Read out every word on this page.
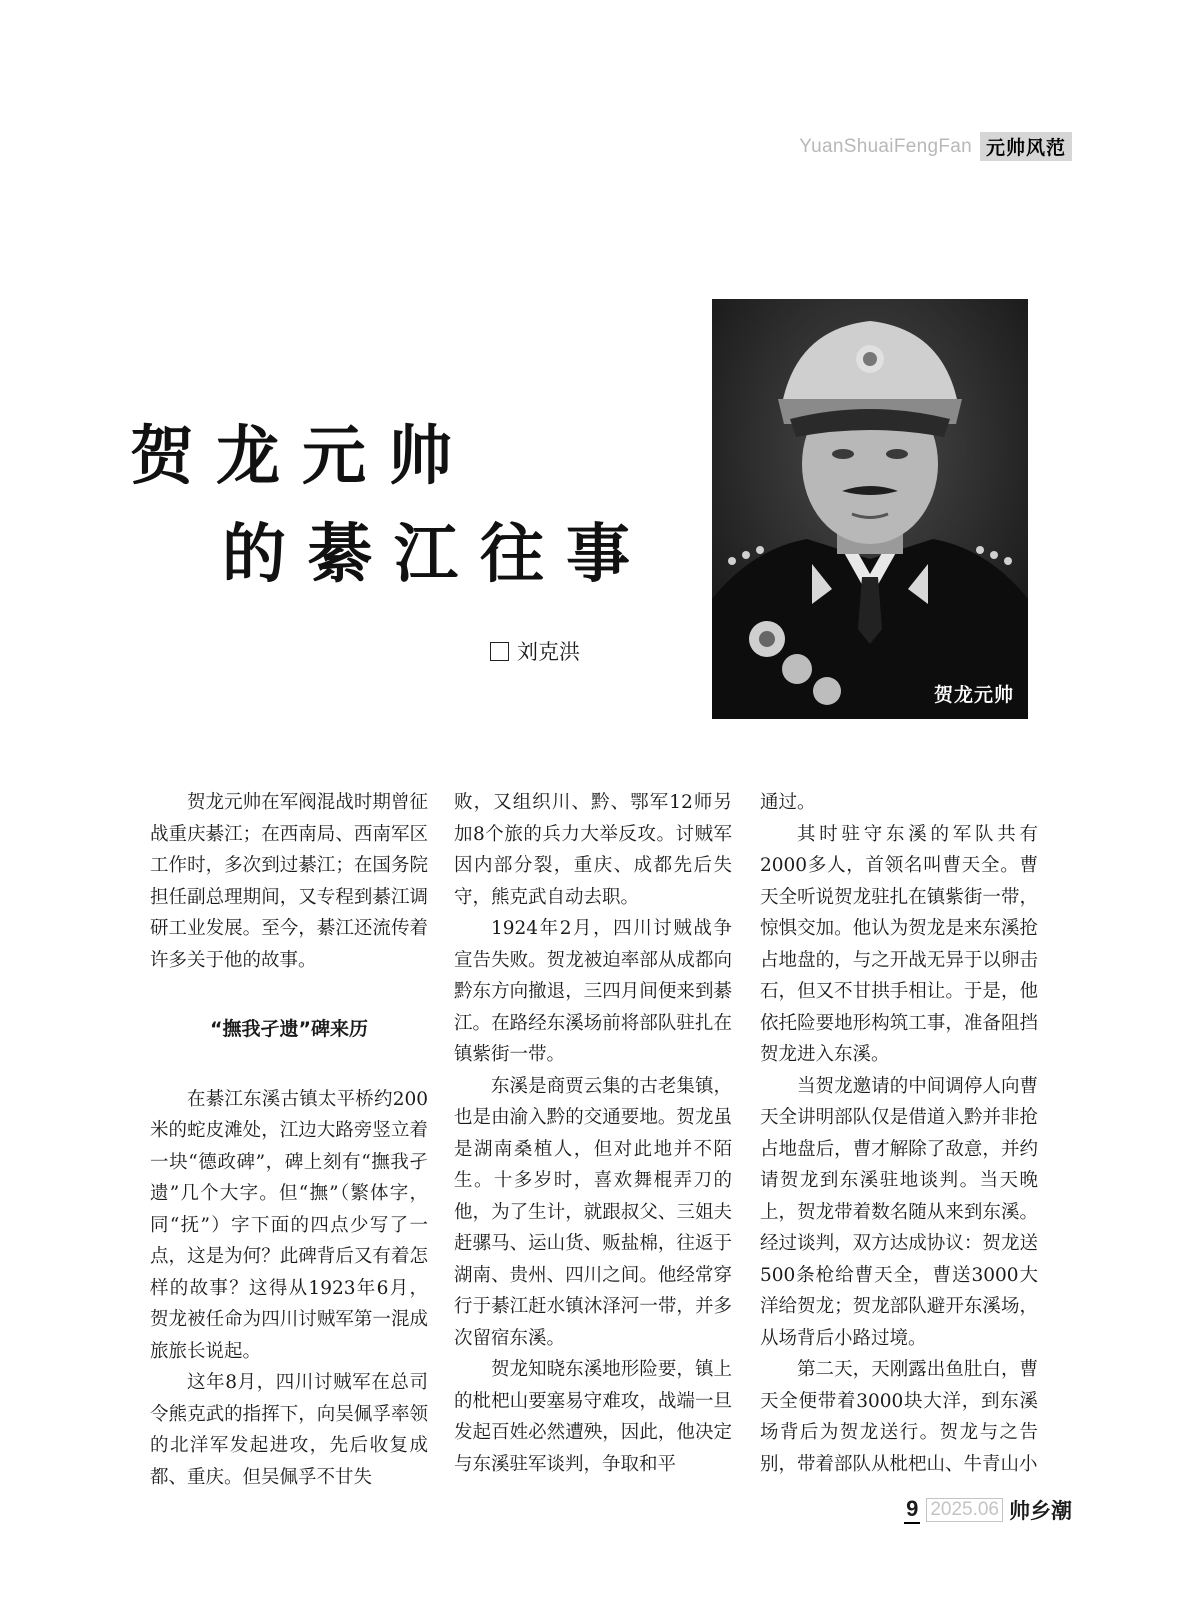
YuanShuaiFengFan 元帅风范
贺龙元帅
的綦江往事
刘克洪
贺龙元帅

贺龙元帅在军阀混战时期曾征战重庆綦江；在西南局、西南军区工作时，多次到过綦江；在国务院担任副总理期间，又专程到綦江调研工业发展。至今，綦江还流传着许多关于他的故事。

“撫我孑遗”碑来历

在綦江东溪古镇太平桥约200米的蛇皮滩处，江边大路旁竖立着一块“德政碑”，碑上刻有“撫我孑遗”几个大字。但“撫”（繁体字，同“抚”）字下面的四点少写了一点，这是为何？此碑背后又有着怎样的故事？这得从1923年6月，贺龙被任命为四川讨贼军第一混成旅旅长说起。

这年8月，四川讨贼军在总司令熊克武的指挥下，向吴佩孚率领的北洋军发起进攻，先后收复成都、重庆。但吴佩孚不甘失

败，又组织川、黔、鄂军12师另加8个旅的兵力大举反攻。讨贼军因内部分裂，重庆、成都先后失守，熊克武自动去职。

1924年2月，四川讨贼战争宣告失败。贺龙被迫率部从成都向黔东方向撤退，三四月间便来到綦江。在路经东溪场前将部队驻扎在镇紫街一带。

东溪是商贾云集的古老集镇，也是由渝入黔的交通要地。贺龙虽是湖南桑植人，但对此地并不陌生。十多岁时，喜欢舞棍弄刀的他，为了生计，就跟叔父、三姐夫赶骡马、运山货、贩盐棉，往返于湖南、贵州、四川之间。他经常穿行于綦江赶水镇沐泽河一带，并多次留宿东溪。

贺龙知晓东溪地形险要，镇上的枇杷山要塞易守难攻，战端一旦发起百姓必然遭殃，因此，他决定与东溪驻军谈判，争取和平

通过。

其时驻守东溪的军队共有2000多人，首领名叫曹天全。曹天全听说贺龙驻扎在镇紫街一带，惊惧交加。他认为贺龙是来东溪抢占地盘的，与之开战无异于以卵击石，但又不甘拱手相让。于是，他依托险要地形构筑工事，准备阻挡贺龙进入东溪。

当贺龙邀请的中间调停人向曹天全讲明部队仅是借道入黔并非抢占地盘后，曹才解除了敌意，并约请贺龙到东溪驻地谈判。当天晚上，贺龙带着数名随从来到东溪。经过谈判，双方达成协议：贺龙送500条枪给曹天全，曹送3000大洋给贺龙；贺龙部队避开东溪场，从场背后小路过境。

第二天，天刚露出鱼肚白，曹天全便带着3000块大洋，到东溪场背后为贺龙送行。贺龙与之告别，带着部队从枇杷山、牛青山小

9 2025.06 帅乡潮
